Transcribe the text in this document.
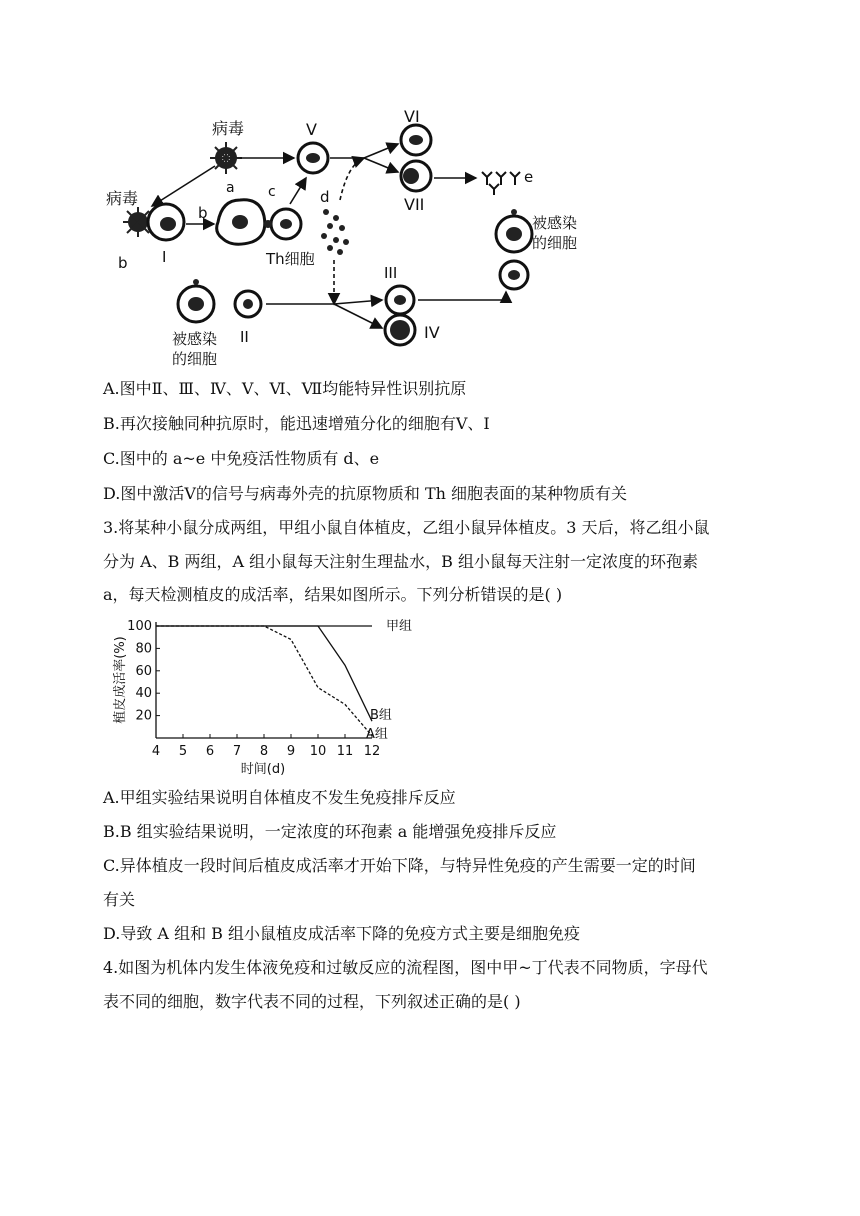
病毒	V
VI
VII
e
病毒
I
b
b
a
Th细胞
c	d
被感染
的细胞
被感染
的细胞
II
III
IV
A.图中Ⅱ、Ⅲ、Ⅳ、Ⅴ、Ⅵ、Ⅶ均能特异性识别抗原
B.再次接触同种抗原时，能迅速增殖分化的细胞有Ⅴ、Ⅰ
C.图中的 a~e 中免疫活性物质有 d、e
D.图中激活Ⅴ的信号与病毒外壳的抗原物质和 Th 细胞表面的某种物质有关
3.将某种小鼠分成两组，甲组小鼠自体植皮，乙组小鼠异体植皮。3 天后，将乙组小鼠
分为 A、B 两组，A 组小鼠每天注射生理盐水，B 组小鼠每天注射一定浓度的环孢素
a，每天检测植皮的成活率，结果如图所示。下列分析错误的是( )
植皮成活率(%)
时间(d)
4 5 6 7 8 9 10 11 12
20
40
60
80
100	甲组
B组
A组
A.甲组实验结果说明自体植皮不发生免疫排斥反应
B.B 组实验结果说明，一定浓度的环孢素 a 能增强免疫排斥反应
C.异体植皮一段时间后植皮成活率才开始下降，与特异性免疫的产生需要一定的时间
有关
D.导致 A 组和 B 组小鼠植皮成活率下降的免疫方式主要是细胞免疫
4.如图为机体内发生体液免疫和过敏反应的流程图，图中甲~丁代表不同物质，字母代
表不同的细胞，数字代表不同的过程，下列叙述正确的是( )
